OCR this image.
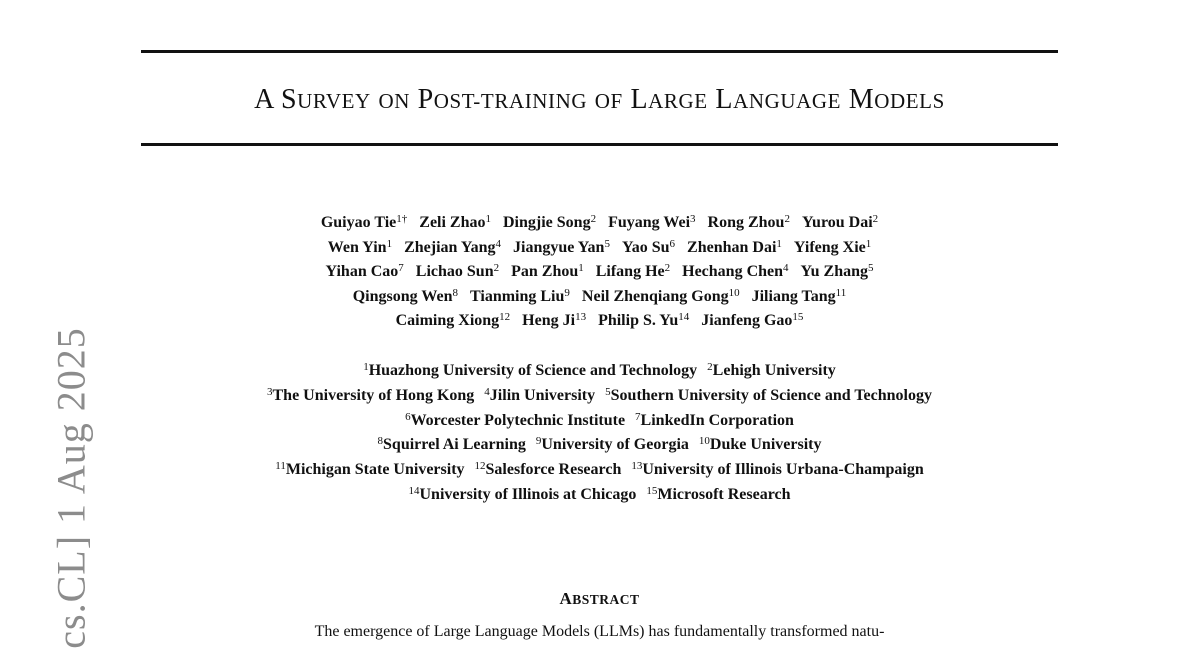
A SURVEY ON POST-TRAINING OF LARGE LANGUAGE MODELS
Guiyao Tie$^{1\dagger}$ Zeli Zhao$^1$ Dingjie Song$^2$ Fuyang Wei$^3$ Rong Zhou$^2$ Yurou Dai$^2$
Wen Yin$^1$ Zhejian Yang$^4$ Jiangyue Yan$^5$ Yao Su$^6$ Zhenhan Dai$^1$ Yifeng Xie$^1$
Yihan Cao$^7$ Lichao Sun$^2$ Pan Zhou$^1$ Lifang He$^2$ Hechang Chen$^4$ Yu Zhang$^5$
Qingsong Wen$^8$ Tianming Liu$^9$ Neil Zhenqiang Gong$^{10}$ Jiliang Tang$^{11}$
Caiming Xiong$^{12}$ Heng Ji$^{13}$ Philip S. Yu$^{14}$ Jianfeng Gao$^{15}$
$^1$Huazhong University of Science and Technology $^2$Lehigh University
$^3$The University of Hong Kong $^4$Jilin University $^5$Southern University of Science and Technology
$^6$Worcester Polytechnic Institute $^7$LinkedIn Corporation
$^8$Squirrel Ai Learning $^9$University of Georgia $^{10}$Duke University
$^{11}$Michigan State University $^{12}$Salesforce Research $^{13}$University of Illinois Urbana-Champaign
$^{14}$University of Illinois at Chicago $^{15}$Microsoft Research
ABSTRACT
The emergence of Large Language Models (LLMs) has fundamentally transformed natu-
cs.CL] 1 Aug 2025
